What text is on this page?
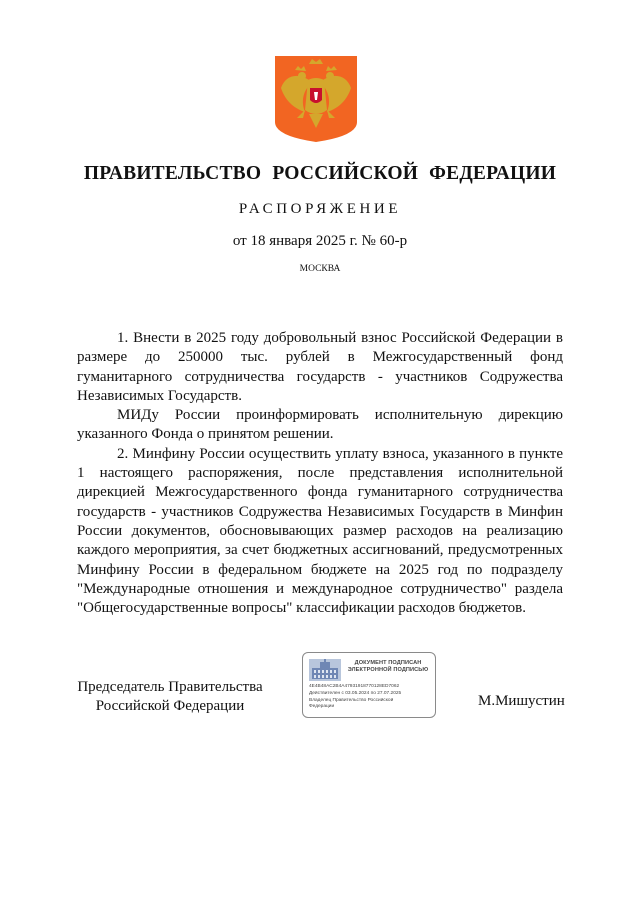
ПРАВИТЕЛЬСТВО РОССИЙСКОЙ ФЕДЕРАЦИИ
РАСПОРЯЖЕНИЕ
от 18 января 2025 г. № 60-р
МОСКВА

1. Внести в 2025 году добровольный взнос Российской Федерации в размере до 250000 тыс. рублей в Межгосударственный фонд гуманитарного сотрудничества государств - участников Содружества Независимых Государств.

МИДу России проинформировать исполнительную дирекцию указанного Фонда о принятом решении.

2. Минфину России осуществить уплату взноса, указанного в пункте 1 настоящего распоряжения, после представления исполнительной дирекцией Межгосударственного фонда гуманитарного сотрудничества государств - участников Содружества Независимых Государств в Минфин России документов, обосновывающих размер расходов на реализацию каждого мероприятия, за счет бюджетных ассигнований, предусмотренных Минфину России в федеральном бюджете на 2025 год по подразделу "Международные отношения и международное сотрудничество" раздела "Общегосударственные вопросы" классификации расходов бюджетов.

Председатель Правительства
Российской Федерации
ДОКУМЕНТ ПОДПИСАН
ЭЛЕКТРОННОЙ ПОДПИСЬЮ
4E4B48AC2B4A47931918770128ED7062
Действителен с 03.05.2024 по 27.07.2025
Владелец Правительство Российской
Федерации	М.Мишустин
